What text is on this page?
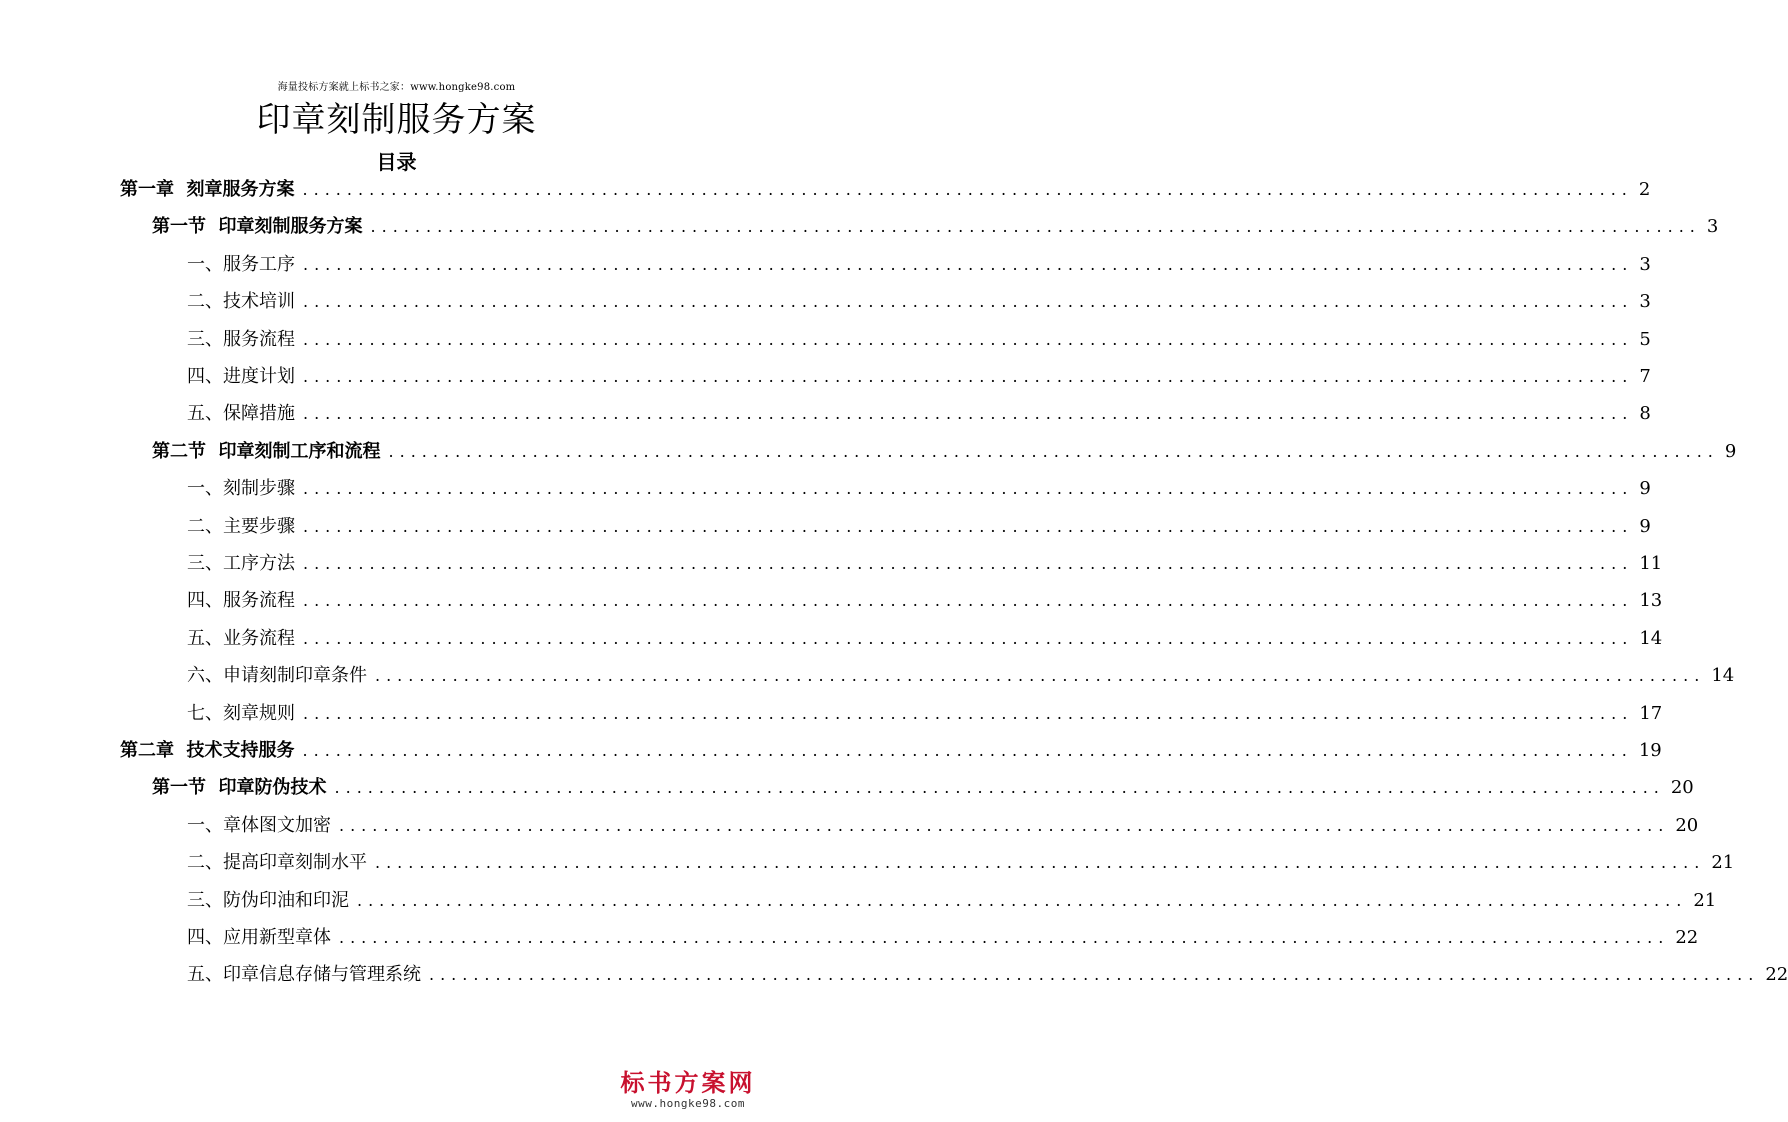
海量投标方案就上标书之家：www.hongke98.com
印章刻制服务方案
目录
第一章  刻章服务方案 ........................................................................................................................ 2
第一节  印章刻制服务方案 ........................................................................................................................ 3
一、服务工序 ........................................................................................................................ 3
二、技术培训 ........................................................................................................................ 3
三、服务流程 ........................................................................................................................ 5
四、进度计划 ........................................................................................................................ 7
五、保障措施 ........................................................................................................................ 8
第二节  印章刻制工序和流程 ........................................................................................................................ 9
一、刻制步骤 ........................................................................................................................ 9
二、主要步骤 ........................................................................................................................ 9
三、工序方法 ........................................................................................................................ 11
四、服务流程 ........................................................................................................................ 13
五、业务流程 ........................................................................................................................ 14
六、申请刻制印章条件 ........................................................................................................................ 14
七、刻章规则 ........................................................................................................................ 17
第二章  技术支持服务 ........................................................................................................................ 19
第一节  印章防伪技术 ........................................................................................................................ 20
一、章体图文加密 ........................................................................................................................ 20
二、提高印章刻制水平 ........................................................................................................................ 21
三、防伪印油和印泥 ........................................................................................................................ 21
四、应用新型章体 ........................................................................................................................ 22
五、印章信息存储与管理系统 ........................................................................................................................ 22
标书方案网
www.hongke98.com
